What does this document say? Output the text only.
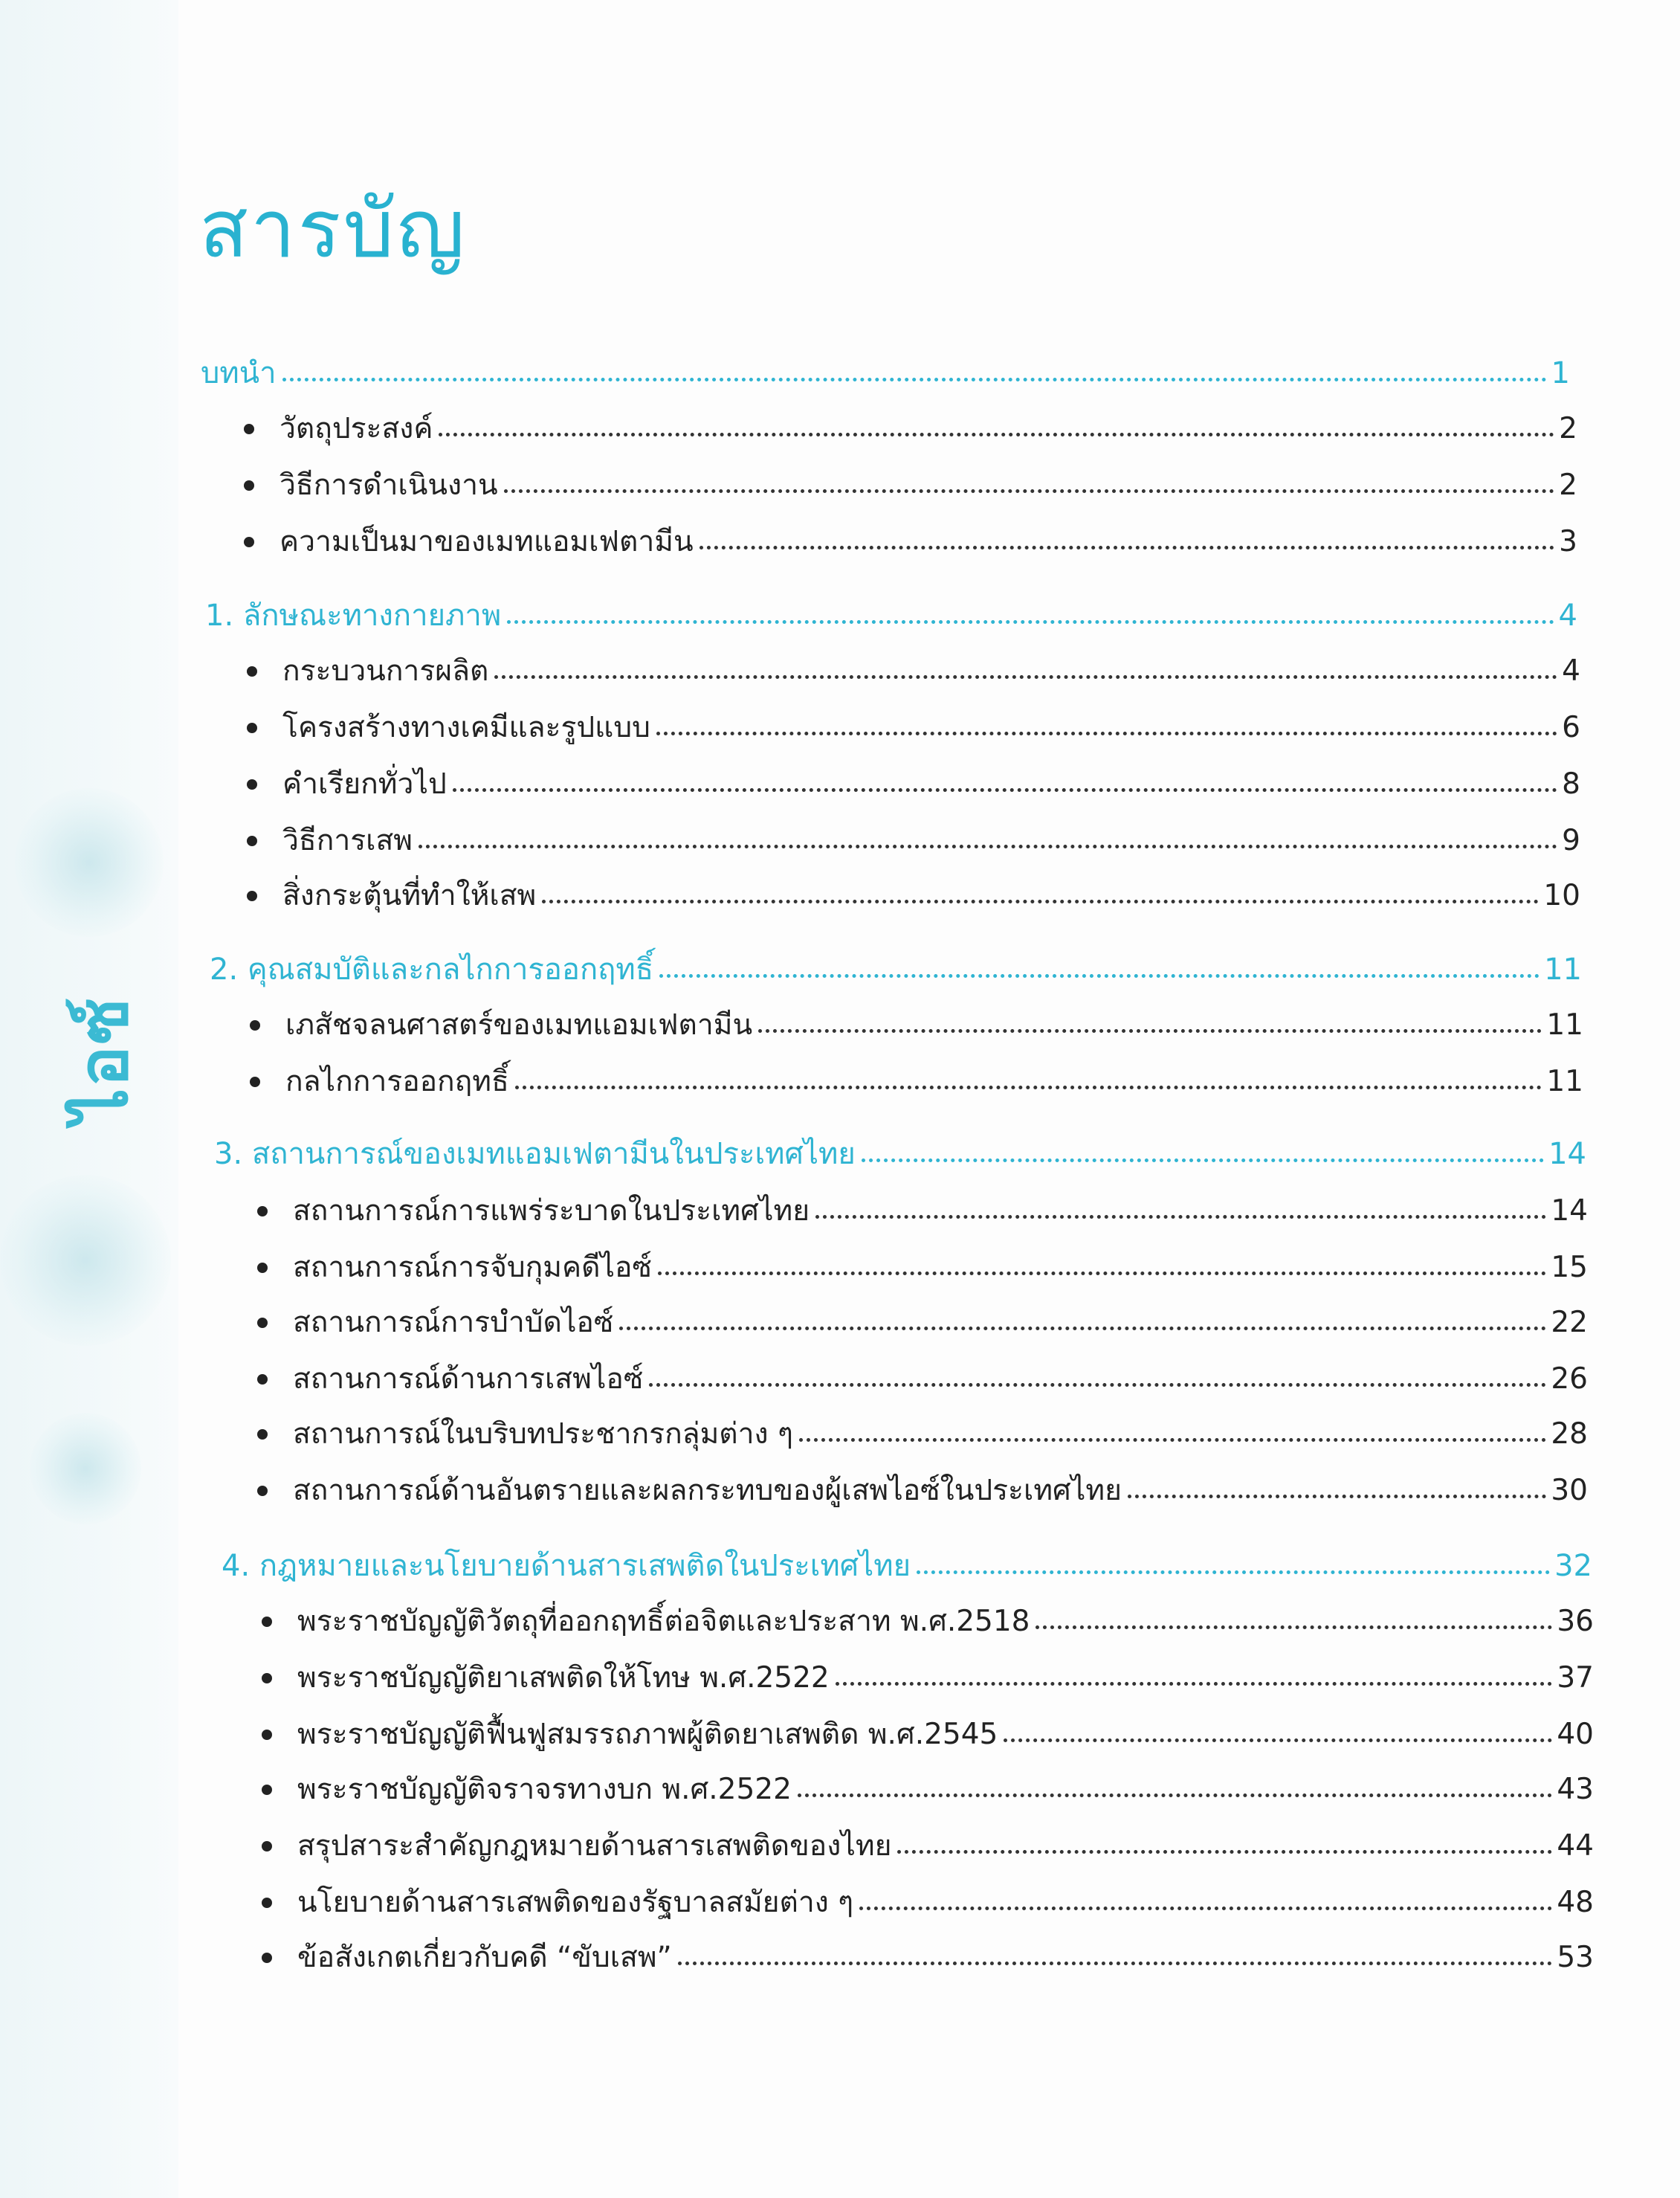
ไอซ์
สารบัญ
บทนำ	1
วัตถุประสงค์	2
วิธีการดำเนินงาน	2
ความเป็นมาของเมทแอมเฟตามีน	3
1. ลักษณะทางกายภาพ	4
กระบวนการผลิต	4
โครงสร้างทางเคมีและรูปแบบ	6
คำเรียกทั่วไป	8
วิธีการเสพ	9
สิ่งกระตุ้นที่ทำให้เสพ	10
2. คุณสมบัติและกลไกการออกฤทธิ์	11
เภสัชจลนศาสตร์ของเมทแอมเฟตามีน	11
กลไกการออกฤทธิ์	11
3. สถานการณ์ของเมทแอมเฟตามีนในประเทศไทย	14
สถานการณ์การแพร่ระบาดในประเทศไทย	14
สถานการณ์การจับกุมคดีไอซ์	15
สถานการณ์การบำบัดไอซ์	22
สถานการณ์ด้านการเสพไอซ์	26
สถานการณ์ในบริบทประชากรกลุ่มต่าง ๆ	28
สถานการณ์ด้านอันตรายและผลกระทบของผู้เสพไอซ์ในประเทศไทย	30
4. กฎหมายและนโยบายด้านสารเสพติดในประเทศไทย	32
พระราชบัญญัติวัตถุที่ออกฤทธิ์ต่อจิตและประสาท พ.ศ.2518	36
พระราชบัญญัติยาเสพติดให้โทษ พ.ศ.2522	37
พระราชบัญญัติฟื้นฟูสมรรถภาพผู้ติดยาเสพติด พ.ศ.2545	40
พระราชบัญญัติจราจรทางบก พ.ศ.2522	43
สรุปสาระสำคัญกฎหมายด้านสารเสพติดของไทย	44
นโยบายด้านสารเสพติดของรัฐบาลสมัยต่าง ๆ	48
ข้อสังเกตเกี่ยวกับคดี “ขับเสพ”	53
